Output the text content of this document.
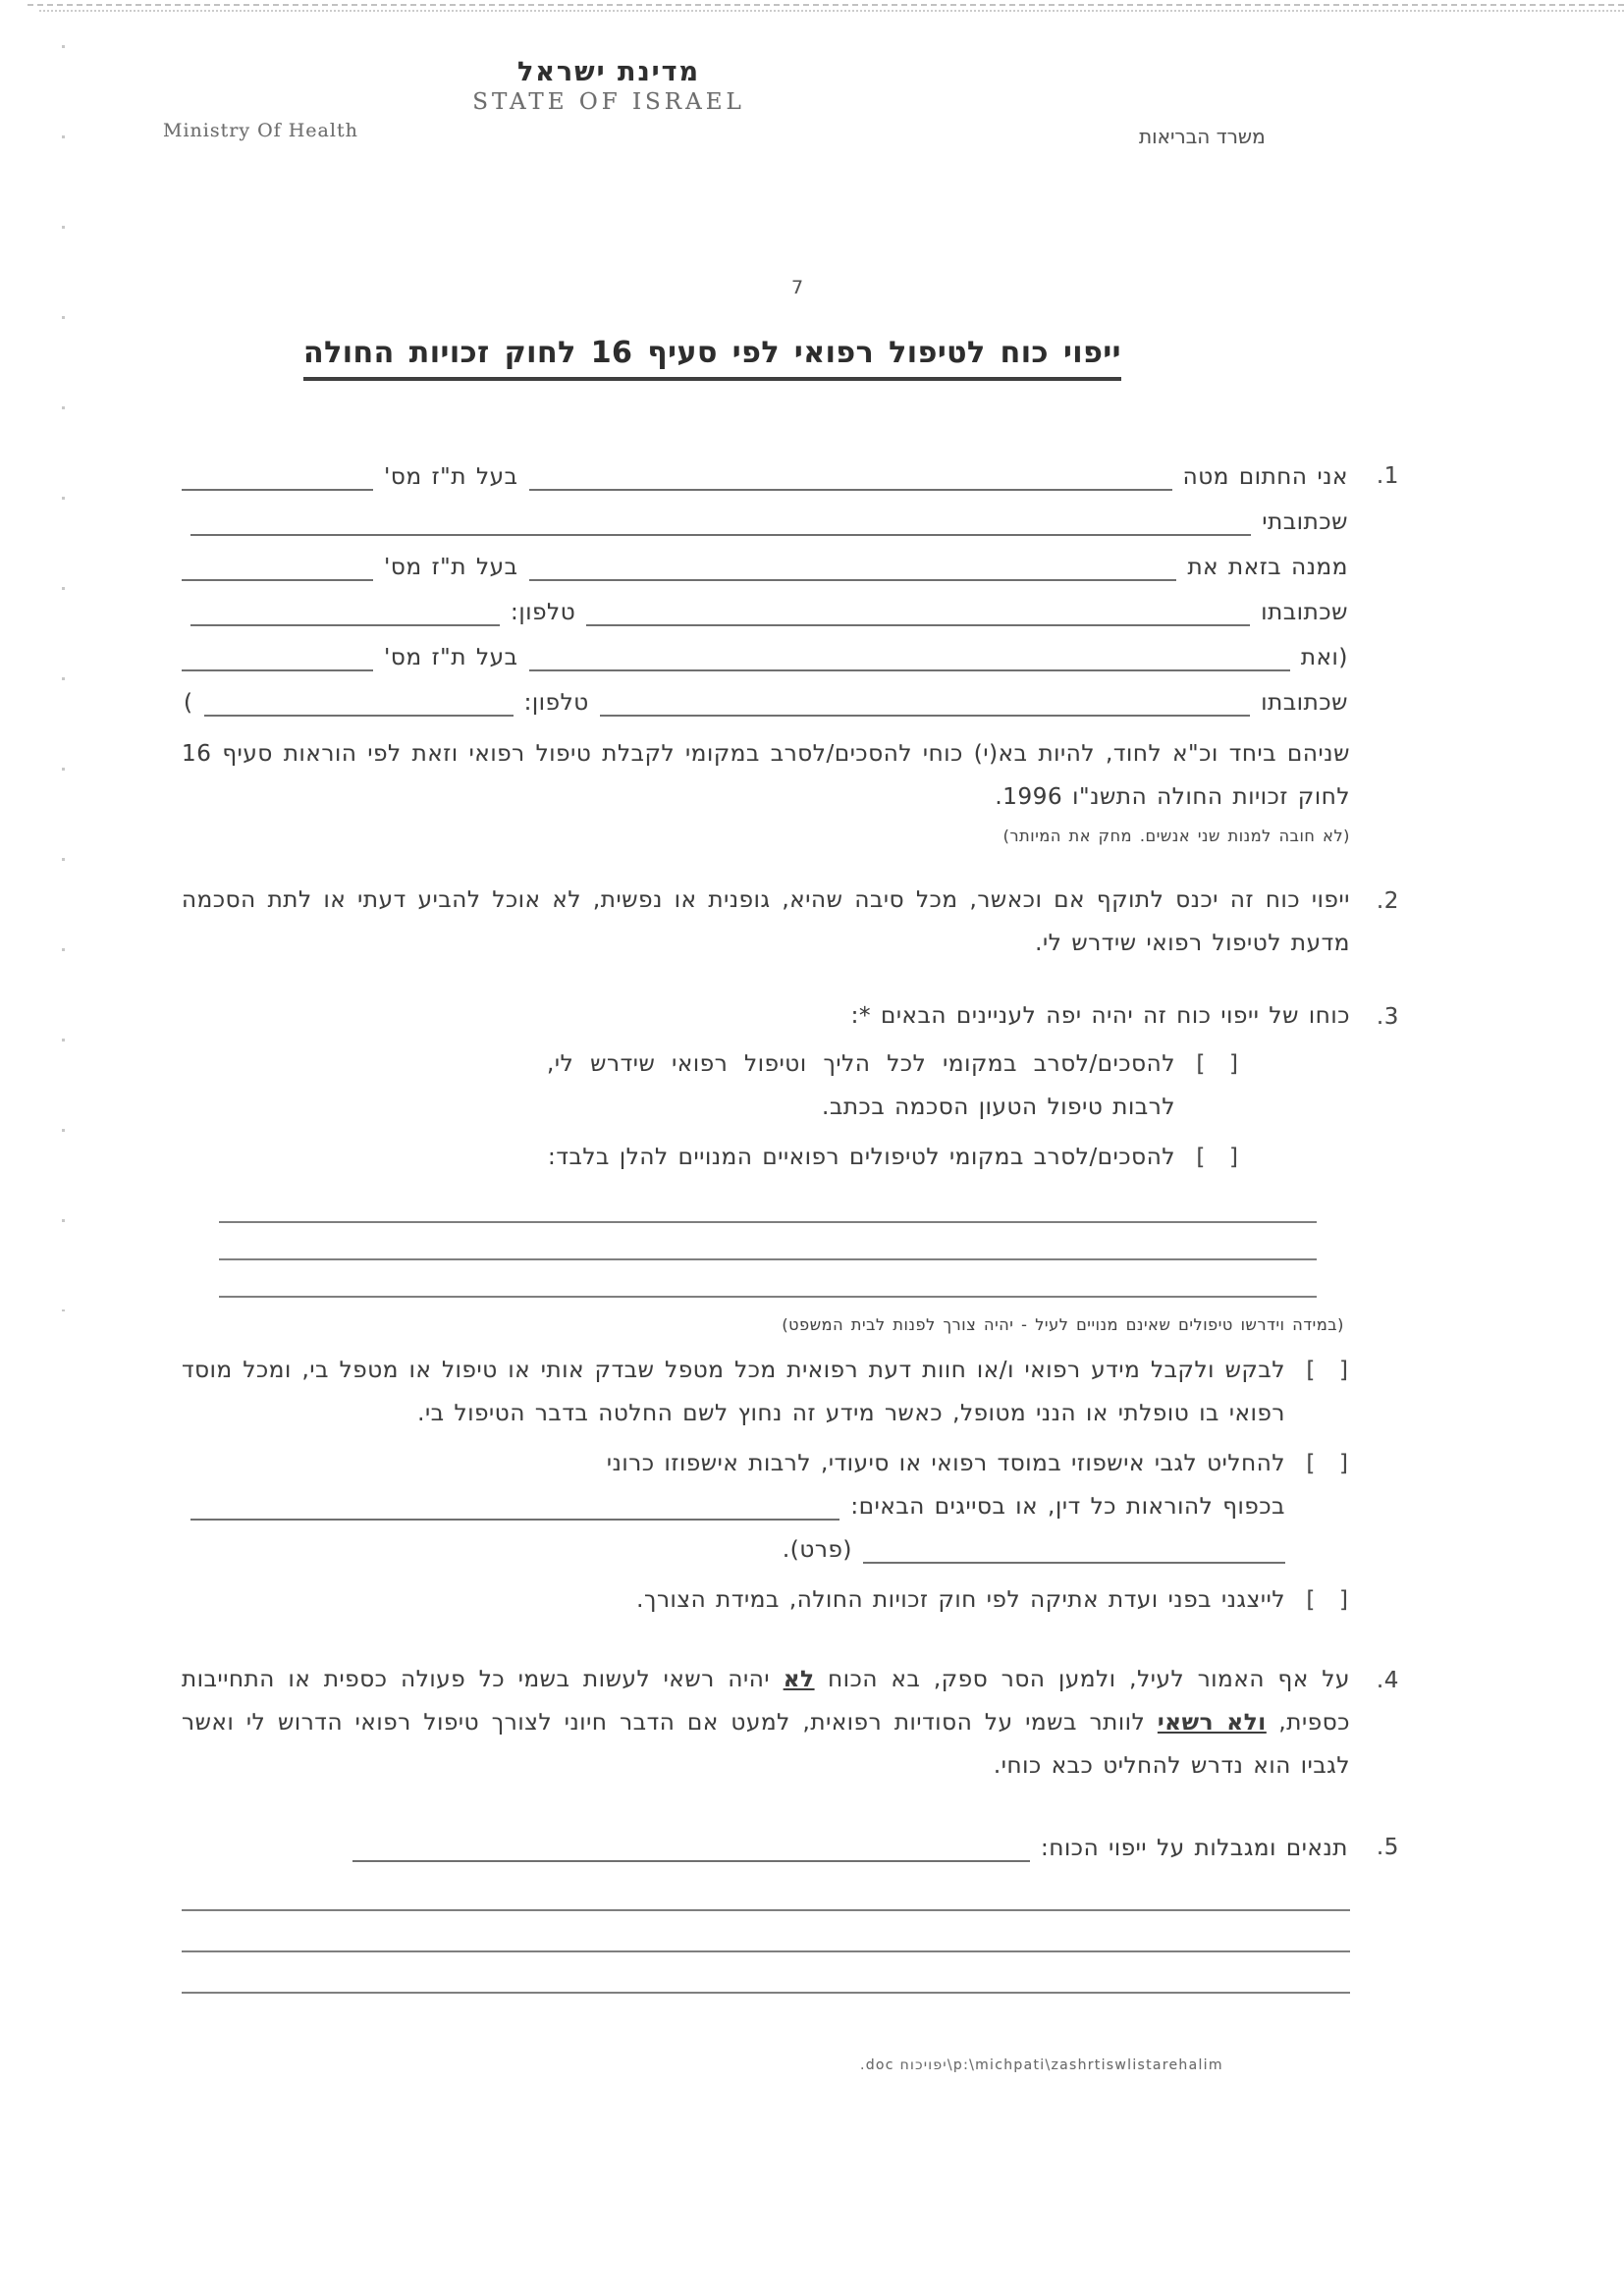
מדינת ישראל
STATE OF ISRAEL
Ministry Of Health	משרד הבריאות
7
ייפוי כוח לטיפול רפואי לפי סעיף 16 לחוק זכויות החולה
.1
אני החתום מטה
בעל ת"ז מס'
שכתובתי
ממנה בזאת את
בעל ת"ז מס'
שכתובתו
טלפון:
(ואת
בעל ת"ז מס'
שכתובתו
טלפון:
)
שניהם ביחד וכ"א לחוד, להיות בא(י) כוחי להסכים/לסרב במקומי לקבלת טיפול רפואי וזאת לפי הוראות סעיף 16 לחוק זכויות החולה התשנ"ו 1996.
(לא חובה למנות שני אנשים. מחק את המיותר)
.2
ייפוי כוח זה יכנס לתוקף אם וכאשר, מכל סיבה שהיא, גופנית או נפשית, לא אוכל להביע דעתי או לתת הסכמה מדעת לטיפול רפואי שידרש לי.
.3
כוחו של ייפוי כוח זה יהיה יפה לעניינים הבאים *:
[  ]
להסכים/לסרב במקומי לכל הליך וטיפול רפואי שידרש לי, לרבות טיפול הטעון הסכמה בכתב.
[  ]
להסכים/לסרב במקומי לטיפולים רפואיים המנויים להלן בלבד:
(במידה וידרשו טיפולים שאינם מנויים לעיל - יהיה צורך לפנות לבית המשפט)
[  ]
לבקש ולקבל מידע רפואי ו/או חוות דעת רפואית מכל מטפל שבדק אותי או טיפול או מטפל בי, ומכל מוסד רפואי בו טופלתי או הנני מטופל, כאשר מידע זה נחוץ לשם החלטה בדבר הטיפול בי.
[  ]
להחליט לגבי אישפוזי במוסד רפואי או סיעודי, לרבות אישפוזו כרוני
בכפוף להוראות כל דין, או בסייגים הבאים:
(פרט).
[  ]
לייצגני בפני ועדת אתיקה לפי חוק זכויות החולה, במידת הצורך.
.4
על אף האמור לעיל, ולמען הסר ספק, בא הכוח לא יהיה רשאי לעשות בשמי כל פעולה כספית או התחייבות כספית, ולא רשאי לוותר בשמי על הסודיות רפואית, למעט אם הדבר חיוני לצורך טיפול רפואי הדרוש לי ואשר לגביו הוא נדרש להחליט כבא כוחי.
.5
תנאים ומגבלות על ייפוי הכוח:
.doc יפויכוח\p:\michpati\zashrtiswlistarehalim
